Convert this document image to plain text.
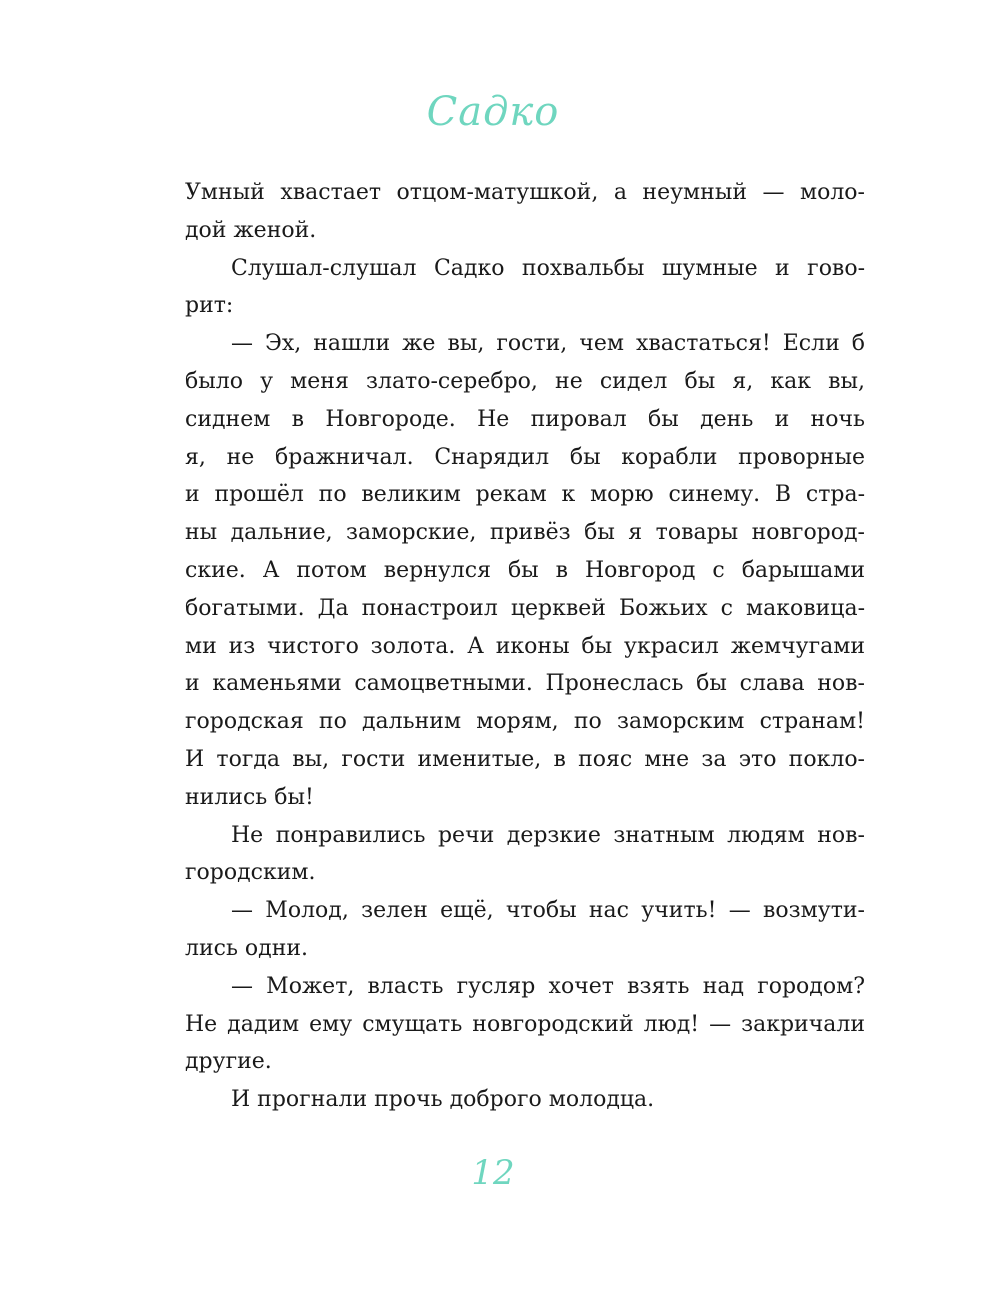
Садко
Умный хвастает отцом-матушкой, а неумный — моло-
дой женой.
Слушал-слушал Садко похвальбы шумные и гово-
рит:
— Эх, нашли же вы, гости, чем хвастаться! Если б
было у меня злато-серебро, не сидел бы я, как вы,
сиднем в Новгороде. Не пировал бы день и ночь
я, не бражничал. Снарядил бы корабли проворные
и прошёл по великим рекам к морю синему. В стра-
ны дальние, заморские, привёз бы я товары новгород-
ские. А потом вернулся бы в Новгород с барышами
богатыми. Да понастроил церквей Божьих с маковица-
ми из чистого золота. А иконы бы украсил жемчугами
и каменьями самоцветными. Пронеслась бы слава нов-
городская по дальним морям, по заморским странам!
И тогда вы, гости именитые, в пояс мне за это покло-
нились бы!
Не понравились речи дерзкие знатным людям нов-
городским.
— Молод, зелен ещё, чтобы нас учить! — возмути-
лись одни.
— Может, власть гусляр хочет взять над городом?
Не дадим ему смущать новгородский люд! — закричали
другие.
И прогнали прочь доброго молодца.
12
